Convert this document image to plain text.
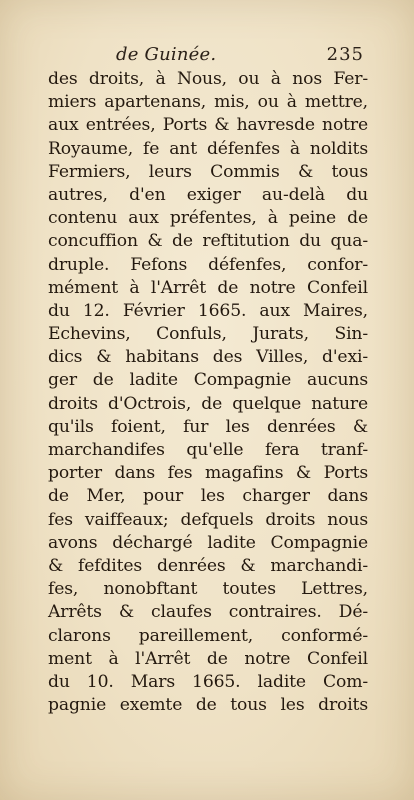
de Guinée.	235
des droits, à Nous, ou à nos Fer-
miers apartenans, mis, ou à mettre,
aux entrées, Ports & havresde notre
Royaume, fe ant défenfes à noldits
Fermiers, leurs Commis & tous
autres, d'en exiger au-delà du
contenu aux préfentes, à peine de
concuffion & de reftitution du qua-
druple. Fefons défenfes, confor-
mément à l'Arrêt de notre Confeil
du 12. Février 1665. aux Maires,
Echevins, Confuls, Jurats, Sin-
dics & habitans des Villes, d'exi-
ger de ladite Compagnie aucuns
droits d'Octrois, de quelque nature
qu'ils foient, fur les denrées &
marchandifes qu'elle fera tranf-
porter dans fes magafins & Ports
de Mer, pour les charger dans
fes vaiffeaux; defquels droits nous
avons déchargé ladite Compagnie
& fefdites denrées & marchandi-
fes, nonobftant toutes Lettres,
Arrêts & claufes contraires. Dé-
clarons pareillement, conformé-
ment à l'Arrêt de notre Confeil
du 10. Mars 1665. ladite Com-
pagnie exemte de tous les droits
